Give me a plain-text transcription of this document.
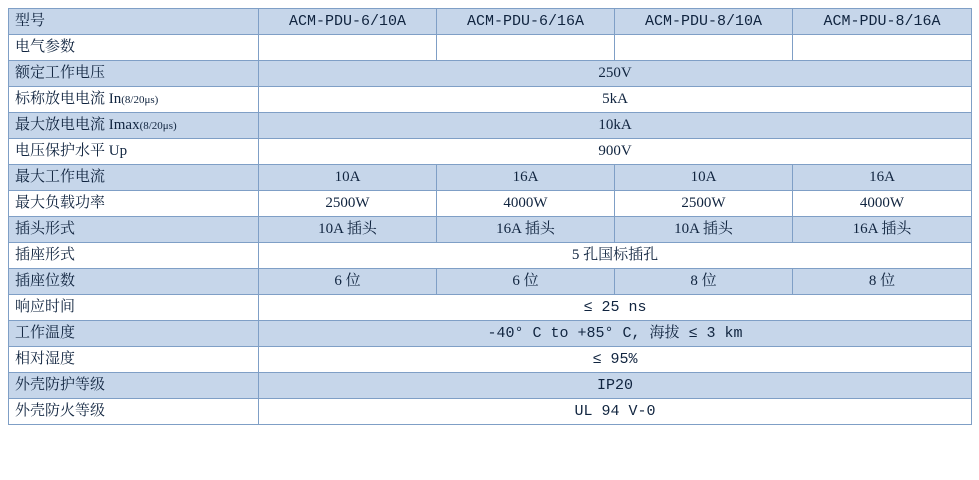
型号	ACM-PDU-6/10A	ACM-PDU-6/16A	ACM-PDU-8/10A	ACM-PDU-8/16A
电气参数				
额定工作电压	250V			
标称放电电流 In(8/20μs)	5kA			
最大放电电流 Imax(8/20μs)	10kA			
电压保护水平 Up	900V			
最大工作电流	10A	16A	10A	16A
最大负载功率	2500W	4000W	2500W	4000W
插头形式	10A 插头	16A 插头	10A 插头	16A 插头
插座形式	5 孔国标插孔			
插座位数	6 位	6 位	8 位	8 位
响应时间	≤ 25 ns			
工作温度	-40° C to +85° C, 海拔 ≤ 3 km			
相对湿度	≤ 95%			
外壳防护等级	IP20			
外壳防火等级	UL 94 V-0			
